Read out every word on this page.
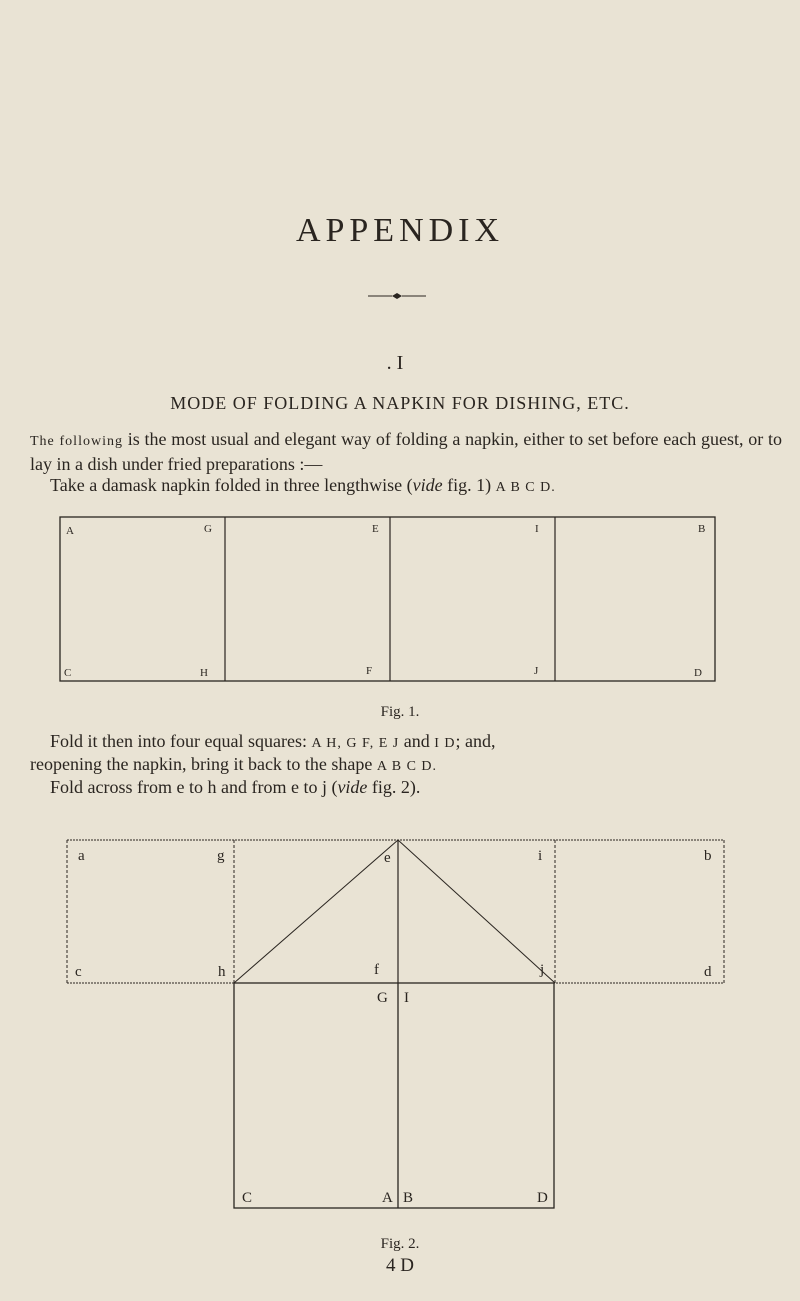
APPENDIX
. I
MODE OF FOLDING A NAPKIN FOR DISHING, ETC.
The following is the most usual and elegant way of folding a napkin, either to set before each guest, or to lay in a dish under fried preparations :—
Take a damask napkin folded in three lengthwise (vide fig. 1) A B C D.
A	G	E	I	B
C	H	F	J	D
Fig. 1.
Fold it then into four equal squares: A H, G F, E J and I D; and,
reopening the napkin, bring it back to the shape A B C D.
Fold across from e to h and from e to j (vide fig. 2).
a	g	e	i	b
c	h	f	j	d
G I
C	A B	D
Fig. 2.
4 D
